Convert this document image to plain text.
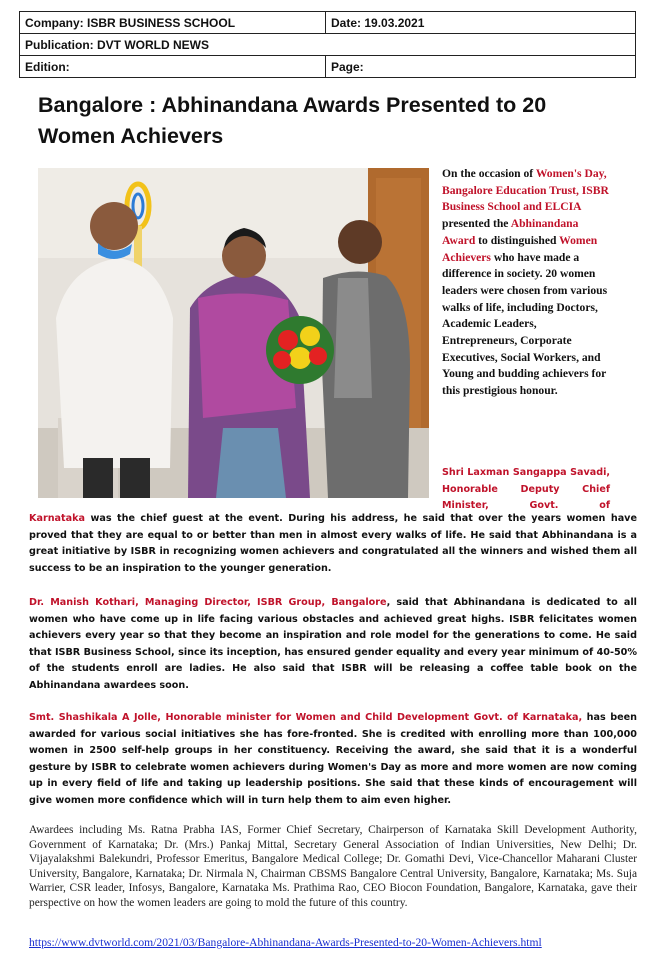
Company: ISBR BUSINESS SCHOOL	Date: 19.03.2021
Publication: DVT WORLD NEWS	
Edition:	Page:
Bangalore : Abhinandana Awards Presented to 20 Women Achievers
On the occasion of Women's Day, Bangalore Education Trust, ISBR Business School and ELCIA presented the Abhinandana Award to distinguished Women Achievers who have made a difference in society. 20 women leaders were chosen from various walks of life, including Doctors, Academic Leaders, Entrepreneurs, Corporate Executives, Social Workers, and Young and budding achievers for this prestigious honour.
Shri Laxman Sangappa Savadi, Honorable Deputy Chief Minister, Govt. of

Karnataka was the chief guest at the event. During his address, he said that over the years women have proved that they are equal to or better than men in almost every walks of life. He said that Abhinandana is a great initiative by ISBR in recognizing women achievers and congratulated all the winners and wished them all success to be an inspiration to the younger generation.

Dr. Manish Kothari, Managing Director, ISBR Group, Bangalore, said that Abhinandana is dedicated to all women who have come up in life facing various obstacles and achieved great highs. ISBR felicitates women achievers every year so that they become an inspiration and role model for the generations to come. He said that ISBR Business School, since its inception, has ensured gender equality and every year minimum of 40-50% of the students enroll are ladies. He also said that ISBR will be releasing a coffee table book on the Abhinandana awardees soon.

Smt. Shashikala A Jolle, Honorable minister for Women and Child Development Govt. of Karnataka, has been awarded for various social initiatives she has fore-fronted. She is credited with enrolling more than 100,000 women in 2500 self-help groups in her constituency. Receiving the award, she said that it is a wonderful gesture by ISBR to celebrate women achievers during Women's Day as more and more women are now coming up in every field of life and taking up leadership positions. She said that these kinds of encouragement will give women more confidence which will in turn help them to aim even higher.

Awardees including Ms. Ratna Prabha IAS, Former Chief Secretary, Chairperson of Karnataka Skill Development Authority, Government of Karnataka; Dr. (Mrs.) Pankaj Mittal, Secretary General Association of Indian Universities, New Delhi; Dr. Vijayalakshmi Balekundri, Professor Emeritus, Bangalore Medical College; Dr. Gomathi Devi, Vice-Chancellor Maharani Cluster University, Bangalore, Karnataka; Dr. Nirmala N, Chairman CBSMS Bangalore Central University, Bangalore, Karnataka; Ms. Suja Warrier, CSR leader, Infosys, Bangalore, Karnataka Ms. Prathima Rao, CEO Biocon Foundation, Bangalore, Karnataka, gave their perspective on how the women leaders are going to mold the future of this country.

https://www.dvtworld.com/2021/03/Bangalore-Abhinandana-Awards-Presented-to-20-Women-Achievers.html
